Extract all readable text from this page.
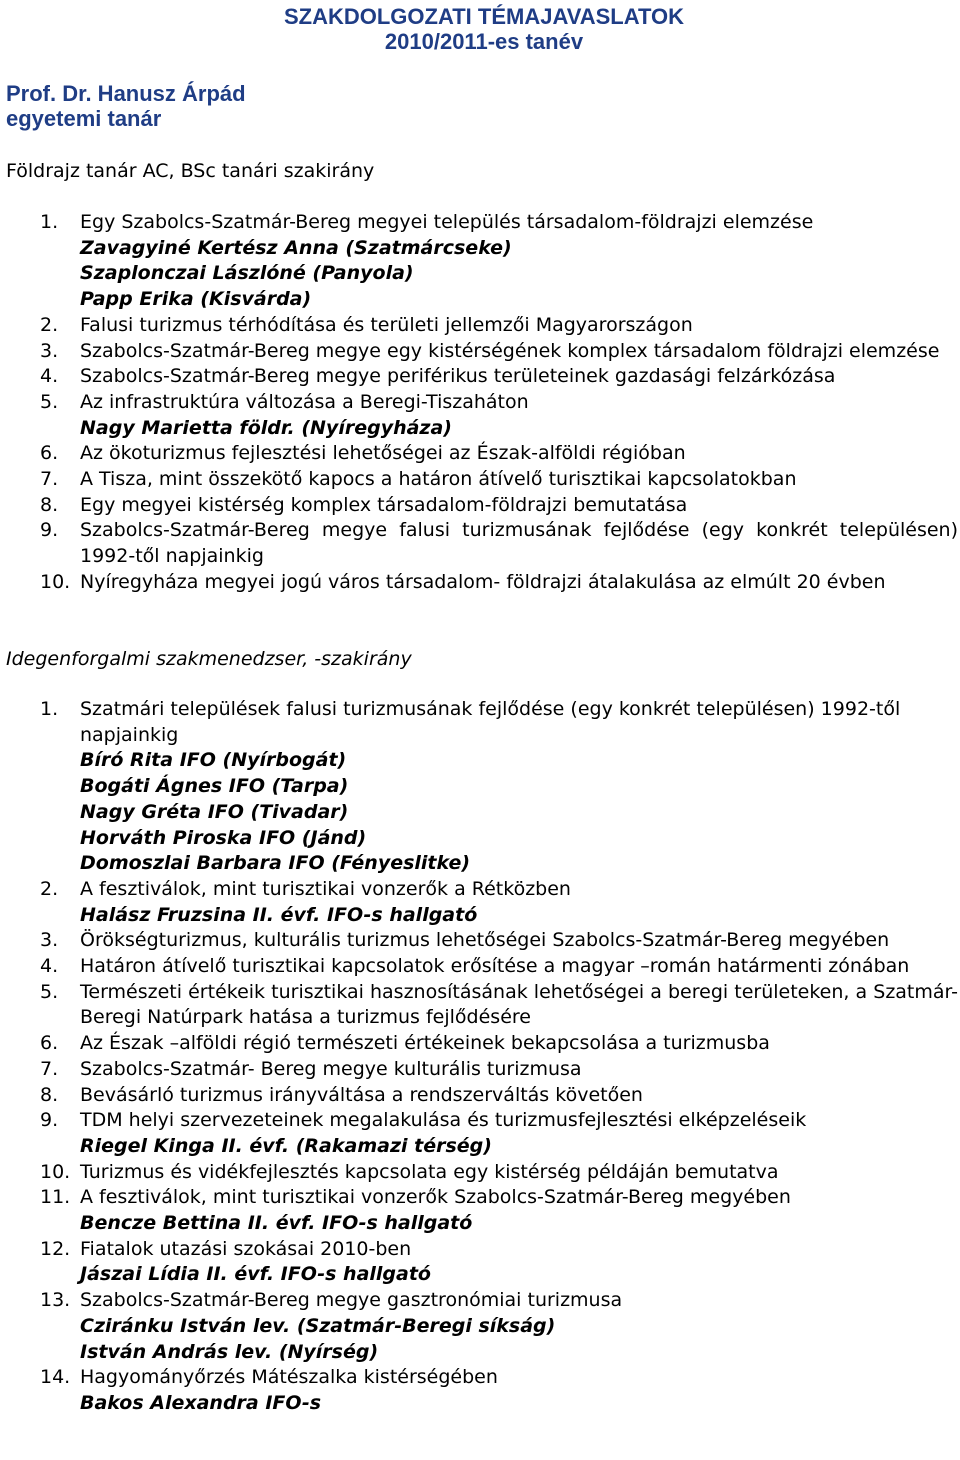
SZAKDOLGOZATI TÉMAJAVASLATOK
2010/2011-es tanév
Prof. Dr. Hanusz Árpád
egyetemi tanár
Földrajz tanár AC, BSc tanári szakirány
1. Egy Szabolcs-Szatmár-Bereg megyei település társadalom-földrajzi elemzése
Zavagyiné Kertész Anna (Szatmárcseke)
Szaplonczai Lászlóné (Panyola)
Papp Erika (Kisvárda)
2. Falusi turizmus térhódítása és területi jellemzői Magyarországon
3. Szabolcs-Szatmár-Bereg megye egy kistérségének komplex társadalom földrajzi elemzése
4. Szabolcs-Szatmár-Bereg megye periférikus területeinek gazdasági felzárkózása
5. Az infrastruktúra változása a Beregi-Tiszaháton
Nagy Marietta földr. (Nyíregyháza)
6. Az ökoturizmus fejlesztési lehetőségei az Észak-alföldi régióban
7. A Tisza, mint összekötő kapocs a határon átívelő turisztikai kapcsolatokban
8. Egy megyei kistérség komplex társadalom-földrajzi bemutatása
9. Szabolcs-Szatmár-Bereg megye falusi turizmusának fejlődése (egy konkrét településen) 1992-től napjainkig
10. Nyíregyháza megyei jogú város társadalom- földrajzi átalakulása az elmúlt 20 évben
Idegenforgalmi szakmenedzser, -szakirány
1. Szatmári települések falusi turizmusának fejlődése (egy konkrét településen) 1992-től napjainkig
Bíró Rita IFO (Nyírbogát)
Bogáti Ágnes IFO (Tarpa)
Nagy Gréta IFO (Tivadar)
Horváth Piroska IFO (Jánd)
Domoszlai Barbara IFO (Fényeslitke)
2. A fesztiválok, mint turisztikai vonzerők a Rétközben
Halász Fruzsina II. évf. IFO-s hallgató
3. Örökségturizmus, kulturális turizmus lehetőségei Szabolcs-Szatmár-Bereg megyében
4. Határon átívelő turisztikai kapcsolatok erősítése a magyar –román határmenti zónában
5. Természeti értékeik turisztikai hasznosításának lehetőségei a beregi területeken, a Szatmár-Beregi Natúrpark hatása a turizmus fejlődésére
6. Az Észak –alföldi régió természeti értékeinek bekapcsolása a turizmusba
7. Szabolcs-Szatmár- Bereg megye kulturális turizmusa
8. Bevásárló turizmus irányváltása a rendszerváltás követően
9. TDM helyi szervezeteinek megalakulása és turizmusfejlesztési elképzeléseik
Riegel Kinga II. évf. (Rakamazi térség)
10. Turizmus és vidékfejlesztés kapcsolata egy kistérség példáján bemutatva
11. A fesztiválok, mint turisztikai vonzerők Szabolcs-Szatmár-Bereg megyében
Bencze Bettina II. évf. IFO-s hallgató
12. Fiatalok utazási szokásai 2010-ben
Jászai Lídia II. évf. IFO-s hallgató
13. Szabolcs-Szatmár-Bereg megye gasztronómiai turizmusa
Cziránku István lev. (Szatmár-Beregi síkság)
István András lev. (Nyírség)
14. Hagyományőrzés Mátészalka kistérségében
Bakos Alexandra IFO-s
